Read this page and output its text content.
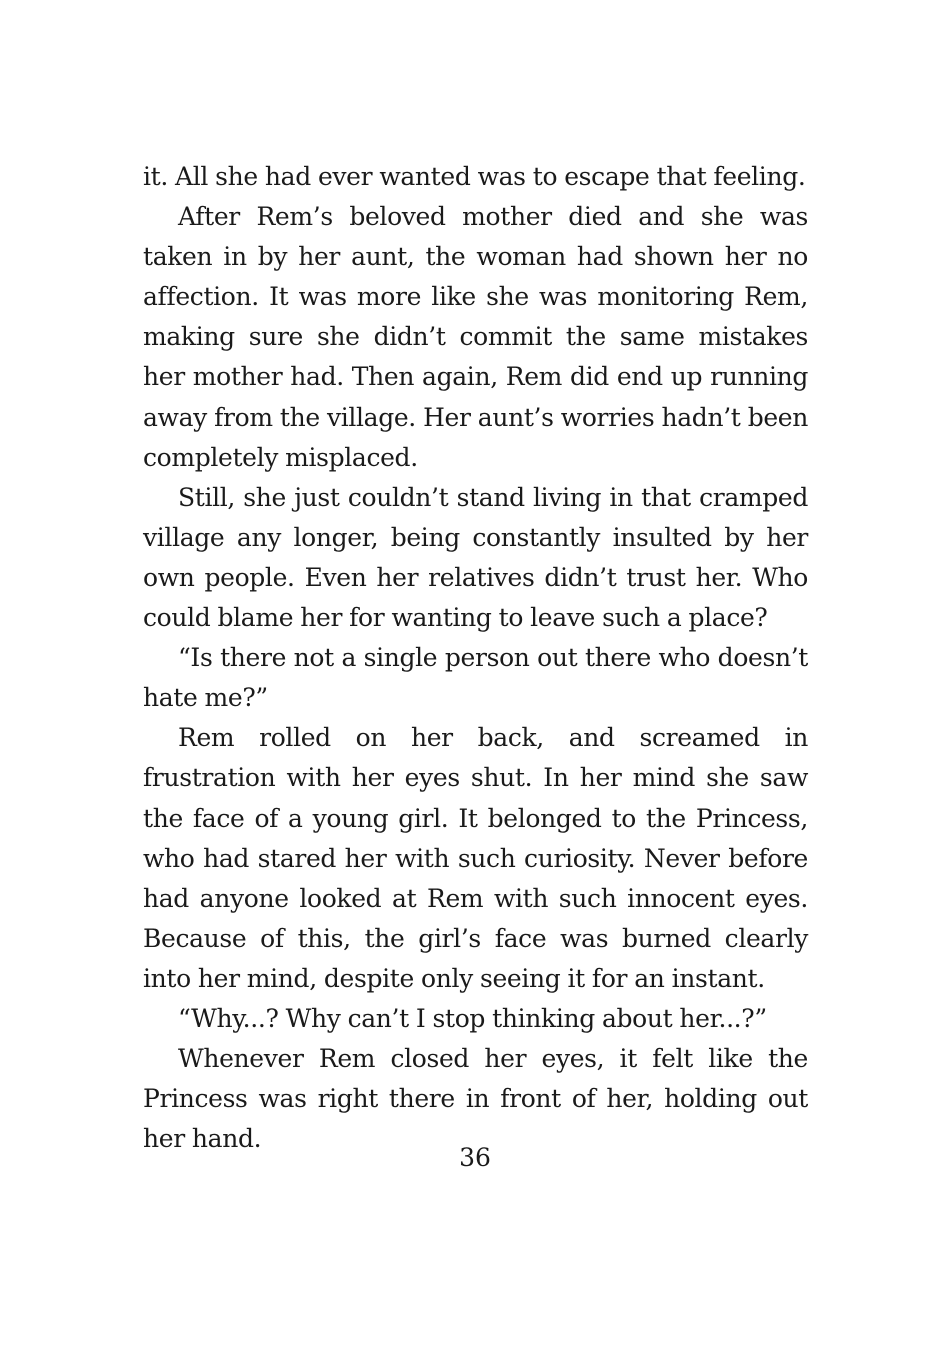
it. All she had ever wanted was to escape that feeling.

After Rem’s beloved mother died and she was taken in by her aunt, the woman had shown her no affection. It was more like she was monitoring Rem, making sure she didn’t commit the same mistakes her mother had. Then again, Rem did end up running away from the village. Her aunt’s worries hadn’t been completely misplaced.

Still, she just couldn’t stand living in that cramped village any longer, being constantly insulted by her own people. Even her relatives didn’t trust her. Who could blame her for wanting to leave such a place?

“Is there not a single person out there who doesn’t hate me?”

Rem rolled on her back, and screamed in frustration with her eyes shut. In her mind she saw the face of a young girl. It belonged to the Princess, who had stared her with such curiosity. Never before had anyone looked at Rem with such innocent eyes. Because of this, the girl’s face was burned clearly into her mind, despite only seeing it for an instant.

“Why...? Why can’t I stop thinking about her...?”

Whenever Rem closed her eyes, it felt like the Princess was right there in front of her, holding out her hand.

36
